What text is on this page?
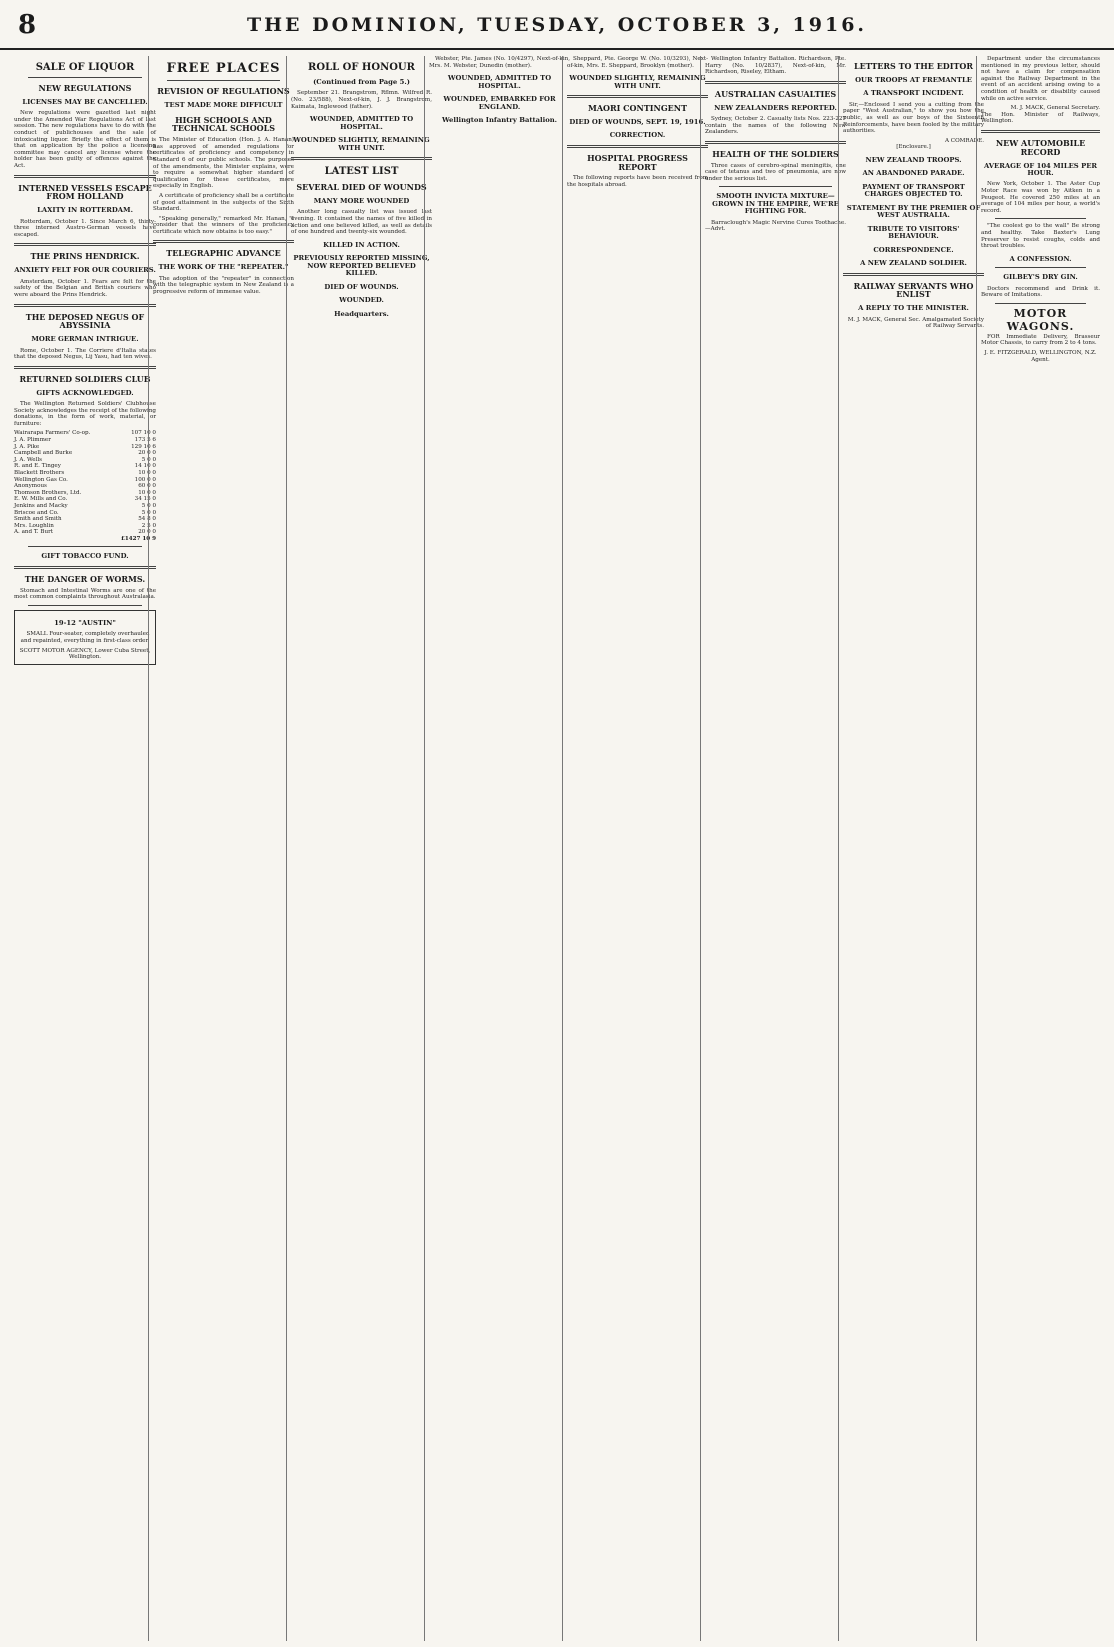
8	THE DOMINION, TUESDAY, OCTOBER 3, 1916.
SALE OF LIQUOR
NEW REGULATIONS
LICENSES MAY BE CANCELLED.
New regulations were gazetted last night under the Amended War Regulations Act of last session. The new regulations have to do with the conduct of publichouses and the sale of intoxicating liquor. Briefly the effect of them is that on application by the police a licensing committee may cancel any license where the holder has been guilty of offences against the Act.
INTERNED VESSELS ESCAPE FROM HOLLAND
LAXITY IN ROTTERDAM.
Rotterdam, October 1. Since March 6, thirty-three interned Austro-German vessels have escaped.
THE PRINS HENDRICK.
ANXIETY FELT FOR OUR COURIERS.
Amsterdam, October 1. Fears are felt for the safety of the Belgian and British couriers who were aboard the Prins Hendrick.
THE DEPOSED NEGUS OF ABYSSINIA
MORE GERMAN INTRIGUE.
Rome, October 1. The Corriere d'Italia states that the deposed Negus, Lij Yasu, had ten wives.
RETURNED SOLDIERS CLUB
GIFTS ACKNOWLEDGED.
The Wellington Returned Soldiers' Clubhouse Society acknowledges the receipt of the following donations, in the form of work, material, or furniture:
Wairarapa Farmers' Co-op.	107 10 0
J. A. Plimmer	173 5 6
J. A. Pike	129 10 6
Campbell and Burke	20 0 0
J. A. Wells	5 0 0
R. and E. Tingey	14 10 0
Blackett Brothers	10 0 0
Wellington Gas Co.	100 0 0
Anonymous	60 0 0
Thomson Brothers, Ltd.	10 0 0
E. W. Mills and Co.	34 15 0
Jenkins and Macky	5 0 0
Briscoe and Co.	5 0 0
Smith and Smith	54 8 0
Mrs. Loughlin	2 5 0
A. and T. Burt	20 0 0
£1427 10 9
GIFT TOBACCO FUND.
THE DANGER OF WORMS.
Stomach and Intestinal Worms are one of the most common complaints throughout Australasia.
19-12 "AUSTIN"
SMALL Four-seater, completely overhauled and repainted, everything in first-class order.
SCOTT MOTOR AGENCY, Lower Cuba Street, Wellington.
FREE PLACES
REVISION OF REGULATIONS
TEST MADE MORE DIFFICULT
HIGH SCHOOLS AND TECHNICAL SCHOOLS
The Minister of Education (Hon. J. A. Hanan) has approved of amended regulations for certificates of proficiency and competency in Standard 6 of our public schools. The purposes of the amendments, the Minister explains, were to require a somewhat higher standard of qualification for these certificates, more especially in English.
A certificate of proficiency shall be a certificate of good attainment in the subjects of the Sixth Standard.
"Speaking generally," remarked Mr. Hanan, "I consider that the winners of the proficiency certificate which now obtains is too easy."
TELEGRAPHIC ADVANCE
THE WORK OF THE "REPEATER."
The adoption of the "repeater" in connection with the telegraphic system in New Zealand is a progressive reform of immense value.
ROLL OF HONOUR
(Continued from Page 5.)
September 21. Brangstrom, Rflmn. Wilfred R. (No. 23/588), Next-of-kin, J. J. Brangstrom, Kaimata, Inglewood (father).
WOUNDED, ADMITTED TO HOSPITAL.
WOUNDED SLIGHTLY, REMAINING WITH UNIT.
LATEST LIST
SEVERAL DIED OF WOUNDS
MANY MORE WOUNDED
Another long casualty list was issued last evening. It contained the names of five killed in action and one believed killed, as well as details of one hundred and twenty-six wounded.
KILLED IN ACTION.
PREVIOUSLY REPORTED MISSING, NOW REPORTED BELIEVED KILLED.
DIED OF WOUNDS.
WOUNDED.
Headquarters.
Webster, Pte. James (No. 10/4297), Next-of-kin, Mrs. M. Webster, Dunedin (mother).
WOUNDED, ADMITTED TO HOSPITAL.
WOUNDED, EMBARKED FOR ENGLAND.
Wellington Infantry Battalion.
Sheppard, Pte. George W. (No. 10/3293), Next-of-kin, Mrs. E. Sheppard, Brooklyn (mother).
WOUNDED SLIGHTLY, REMAINING WITH UNIT.
MAORI CONTINGENT
DIED OF WOUNDS, SEPT. 19, 1916.
CORRECTION.
HOSPITAL PROGRESS REPORT
The following reports have been received from the hospitals abroad.
Wellington Infantry Battalion. Richardson, Pte. Harry (No. 10/2837), Next-of-kin, Mr. Richardson, Riseley, Eltham.
AUSTRALIAN CASUALTIES
NEW ZEALANDERS REPORTED.
Sydney, October 2. Casualty lists Nos. 223-227 contain the names of the following New Zealanders.
HEALTH OF THE SOLDIERS
Three cases of cerebro-spinal meningitis, one case of tetanus and two of pneumonia, are now under the serious list.
SMOOTH INVICTA MIXTURE—GROWN IN THE EMPIRE, WE'RE FIGHTING FOR.
Barraclough's Magic Nervine Cures Toothache.—Advt.
LETTERS TO THE EDITOR
OUR TROOPS AT FREMANTLE
A TRANSPORT INCIDENT.
Sir,—Enclosed I send you a cutting from the paper "West Australian," to show you how the public, as well as our boys of the Sixteenth Reinforcements, have been fooled by the military authorities.
A COMRADE.
[Enclosure.]
NEW ZEALAND TROOPS.
AN ABANDONED PARADE.
PAYMENT OF TRANSPORT CHARGES OBJECTED TO.
STATEMENT BY THE PREMIER OF WEST AUSTRALIA.
TRIBUTE TO VISITORS' BEHAVIOUR.
CORRESPONDENCE.
A NEW ZEALAND SOLDIER.
RAILWAY SERVANTS WHO ENLIST
A REPLY TO THE MINISTER.
M. J. MACK, General Sec. Amalgamated Society of Railway Servants.
Department under the circumstances mentioned in my previous letter, should not have a claim for compensation against the Railway Department in the event of an accident arising owing to a condition of health or disability caused while on active service.
M. J. MACK, General Secretary.
The Hon. Minister of Railways, Wellington.
NEW AUTOMOBILE RECORD
AVERAGE OF 104 MILES PER HOUR.
New York, October 1. The Aster Cup Motor Race was won by Aitken in a Peugeot. He covered 250 miles at an average of 104 miles per hour, a world's record.
"The coolest go to the wall" Be strong and healthy. Take Baxter's Lung Preserver to resist coughs, colds and throat troubles.
A CONFESSION.
GILBEY'S DRY GIN.
Doctors recommend and Drink it. Beware of Imitations.
MOTOR WAGONS.
FOR Immediate Delivery, Brasseur Motor Chassis, to carry from 2 to 4 tons.
J. E. FITZGERALD, WELLINGTON, N.Z. Agent.
